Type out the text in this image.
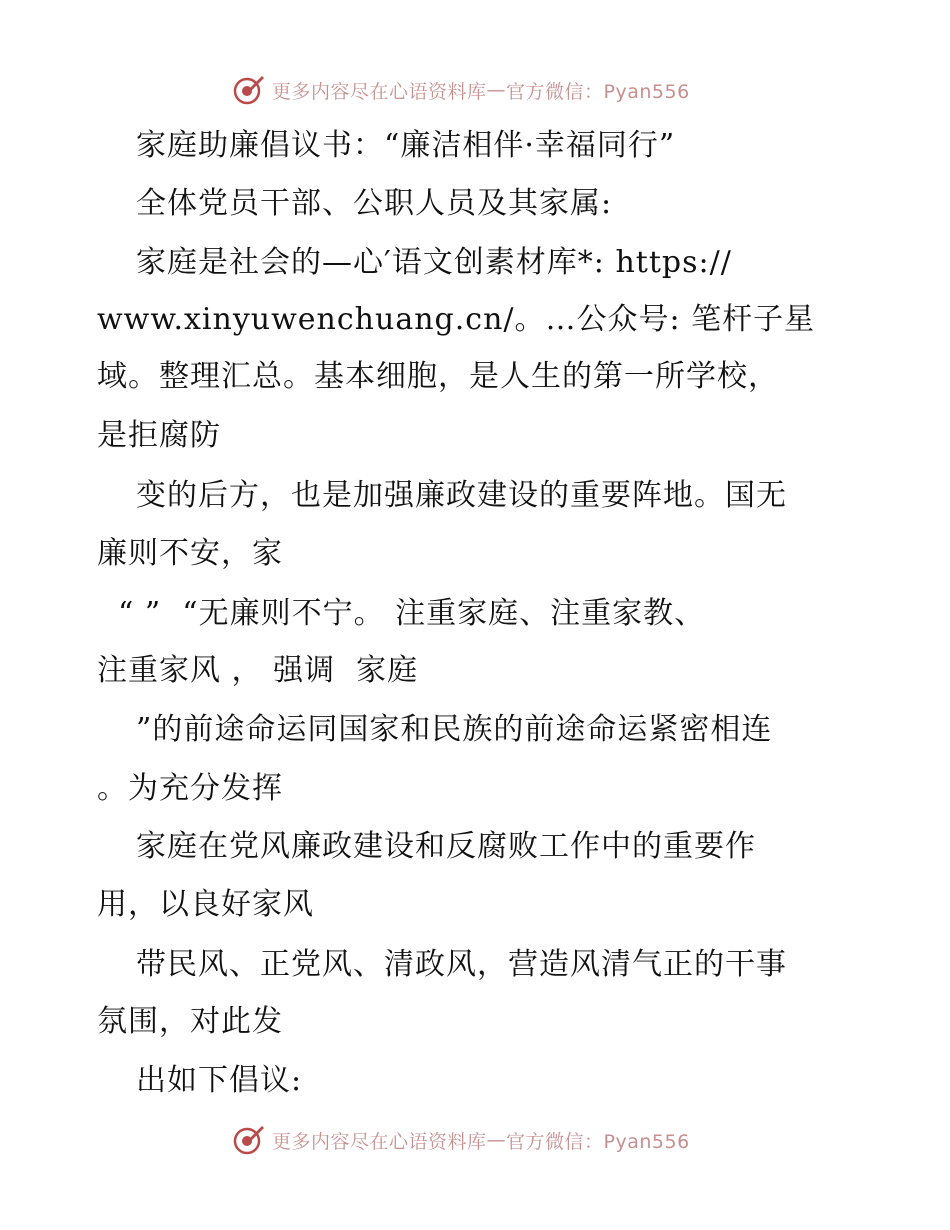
更多内容尽在心语资料库 — 官方微信：Pyan556
家庭助廉倡议书：“廉洁相伴·幸福同行”
全体党员干部、公职人员及其家属:
家庭是社会的—心′语文创素材库*: https://
www.xinyuwenchuang.cn/。…公众号: 笔杆子星
域。整理汇总。基本细胞，是人生的第一所学校，
是拒腐防
变的后方，也是加强廉政建设的重要阵地。国无
廉则不安，家
“ ”  “无廉则不宁。 注重家庭、注重家教、
注重家风 ， 强调  家庭
”的前途命运同国家和民族的前途命运紧密相连
。为充分发挥
家庭在党风廉政建设和反腐败工作中的重要作
用，以良好家风
带民风、正党风、清政风，营造风清气正的干事
氛围，对此发
出如下倡议:
更多内容尽在心语资料库 — 官方微信：Pyan556
